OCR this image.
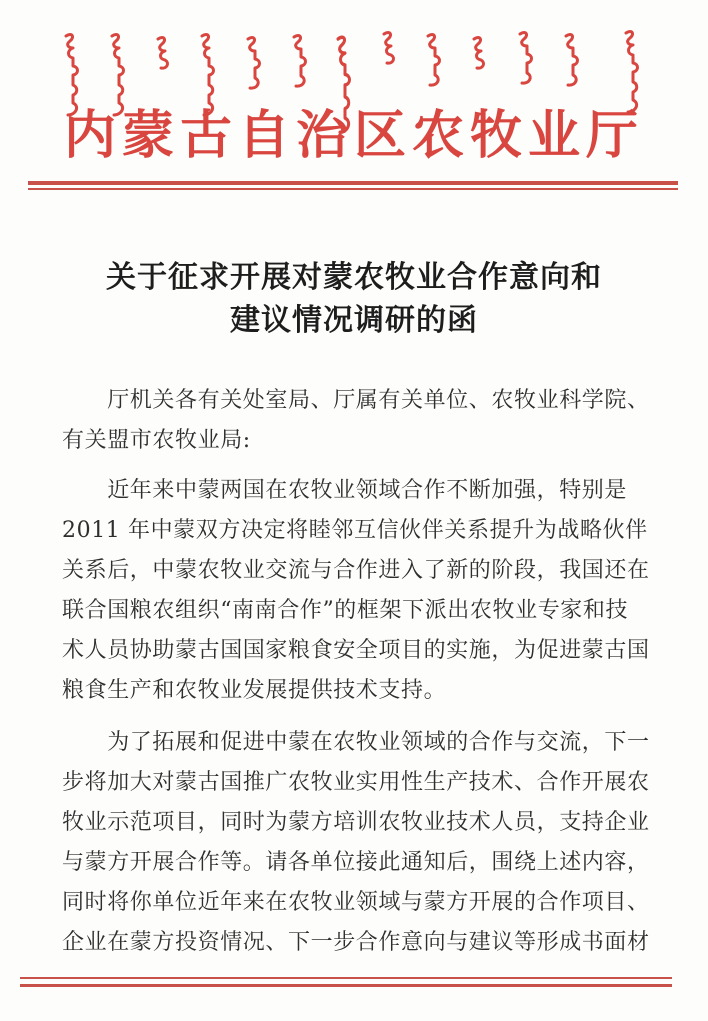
内蒙古自治区农牧业厅
关于征求开展对蒙农牧业合作意向和
建议情况调研的函
　　厅机关各有关处室局、厅属有关单位、农牧业科学院、
有关盟市农牧业局:
　　近年来中蒙两国在农牧业领域合作不断加强，特别是
2011 年中蒙双方决定将睦邻互信伙伴关系提升为战略伙伴
关系后，中蒙农牧业交流与合作进入了新的阶段，我国还在
联合国粮农组织“南南合作”的框架下派出农牧业专家和技
术人员协助蒙古国国家粮食安全项目的实施，为促进蒙古国
粮食生产和农牧业发展提供技术支持。
　　为了拓展和促进中蒙在农牧业领域的合作与交流，下一
步将加大对蒙古国推广农牧业实用性生产技术、合作开展农
牧业示范项目，同时为蒙方培训农牧业技术人员，支持企业
与蒙方开展合作等。请各单位接此通知后，围绕上述内容，
同时将你单位近年来在农牧业领域与蒙方开展的合作项目、
企业在蒙方投资情况、下一步合作意向与建议等形成书面材
